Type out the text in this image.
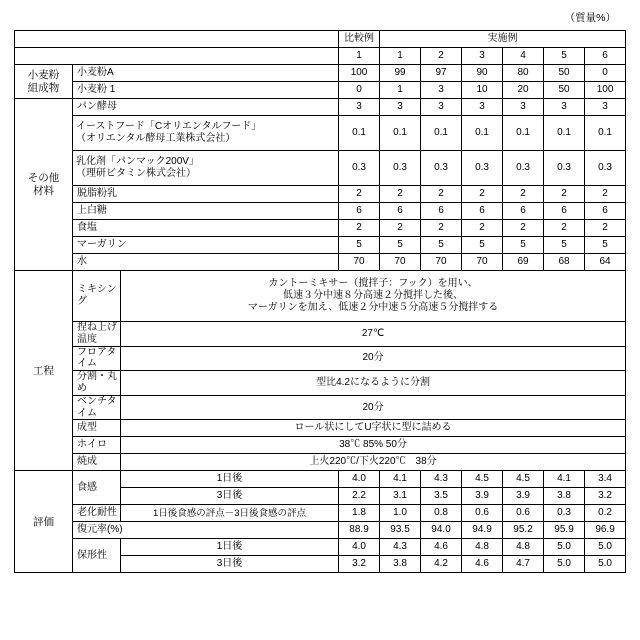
（質量%）
			比較例	実施例					
			1	1	2	3	4	5	6
小麦粉
組成物	小麦粉A		100	99	97	90	80	50	0
	小麦粉 1		0	1	3	10	20	50	100
その他
材料	パン酵母		3	3	3	3	3	3	3
	イーストフード「Cオリエンタルフード」
（オリエンタル酵母工業株式会社）		0.1	0.1	0.1	0.1	0.1	0.1	0.1
	乳化剤「パンマック200V」
（理研ビタミン株式会社）		0.3	0.3	0.3	0.3	0.3	0.3	0.3
	脱脂粉乳		2	2	2	2	2	2	2
	上白糖		6	6	6	6	6	6	6
	食塩		2	2	2	2	2	2	2
	マーガリン		5	5	5	5	5	5	5
	水		70	70	70	70	69	68	64
工程	ミキシング	カントーミキサー（撹拌子：フック）を用い、
低速３分中速８分高速２分撹拌した後、
マーガリンを加え、低速２分中速５分高速５分撹拌する							
	捏ね上げ温度	27℃							
	フロアタイム	20分							
	分割・丸め	型比4.2になるように分割							
	ベンチタイム	20分							
	成型	ロール状にしてU字状に型に詰める							
	ホイロ	38℃ 85% 50分							
	焼成	上火220℃/下火220℃　38分							
評価	食感	1日後	4.0	4.1	4.3	4.5	4.5	4.1	3.4
		3日後	2.2	3.1	3.5	3.9	3.9	3.8	3.2
	老化耐性	1日後食感の評点－3日後食感の評点	1.8	1.0	0.8	0.6	0.6	0.3	0.2
	復元率(%)		88.9	93.5	94.0	94.9	95.2	95.9	96.9
	保形性	1日後	4.0	4.3	4.6	4.8	4.8	5.0	5.0
		3日後	3.2	3.8	4.2	4.6	4.7	5.0	5.0
